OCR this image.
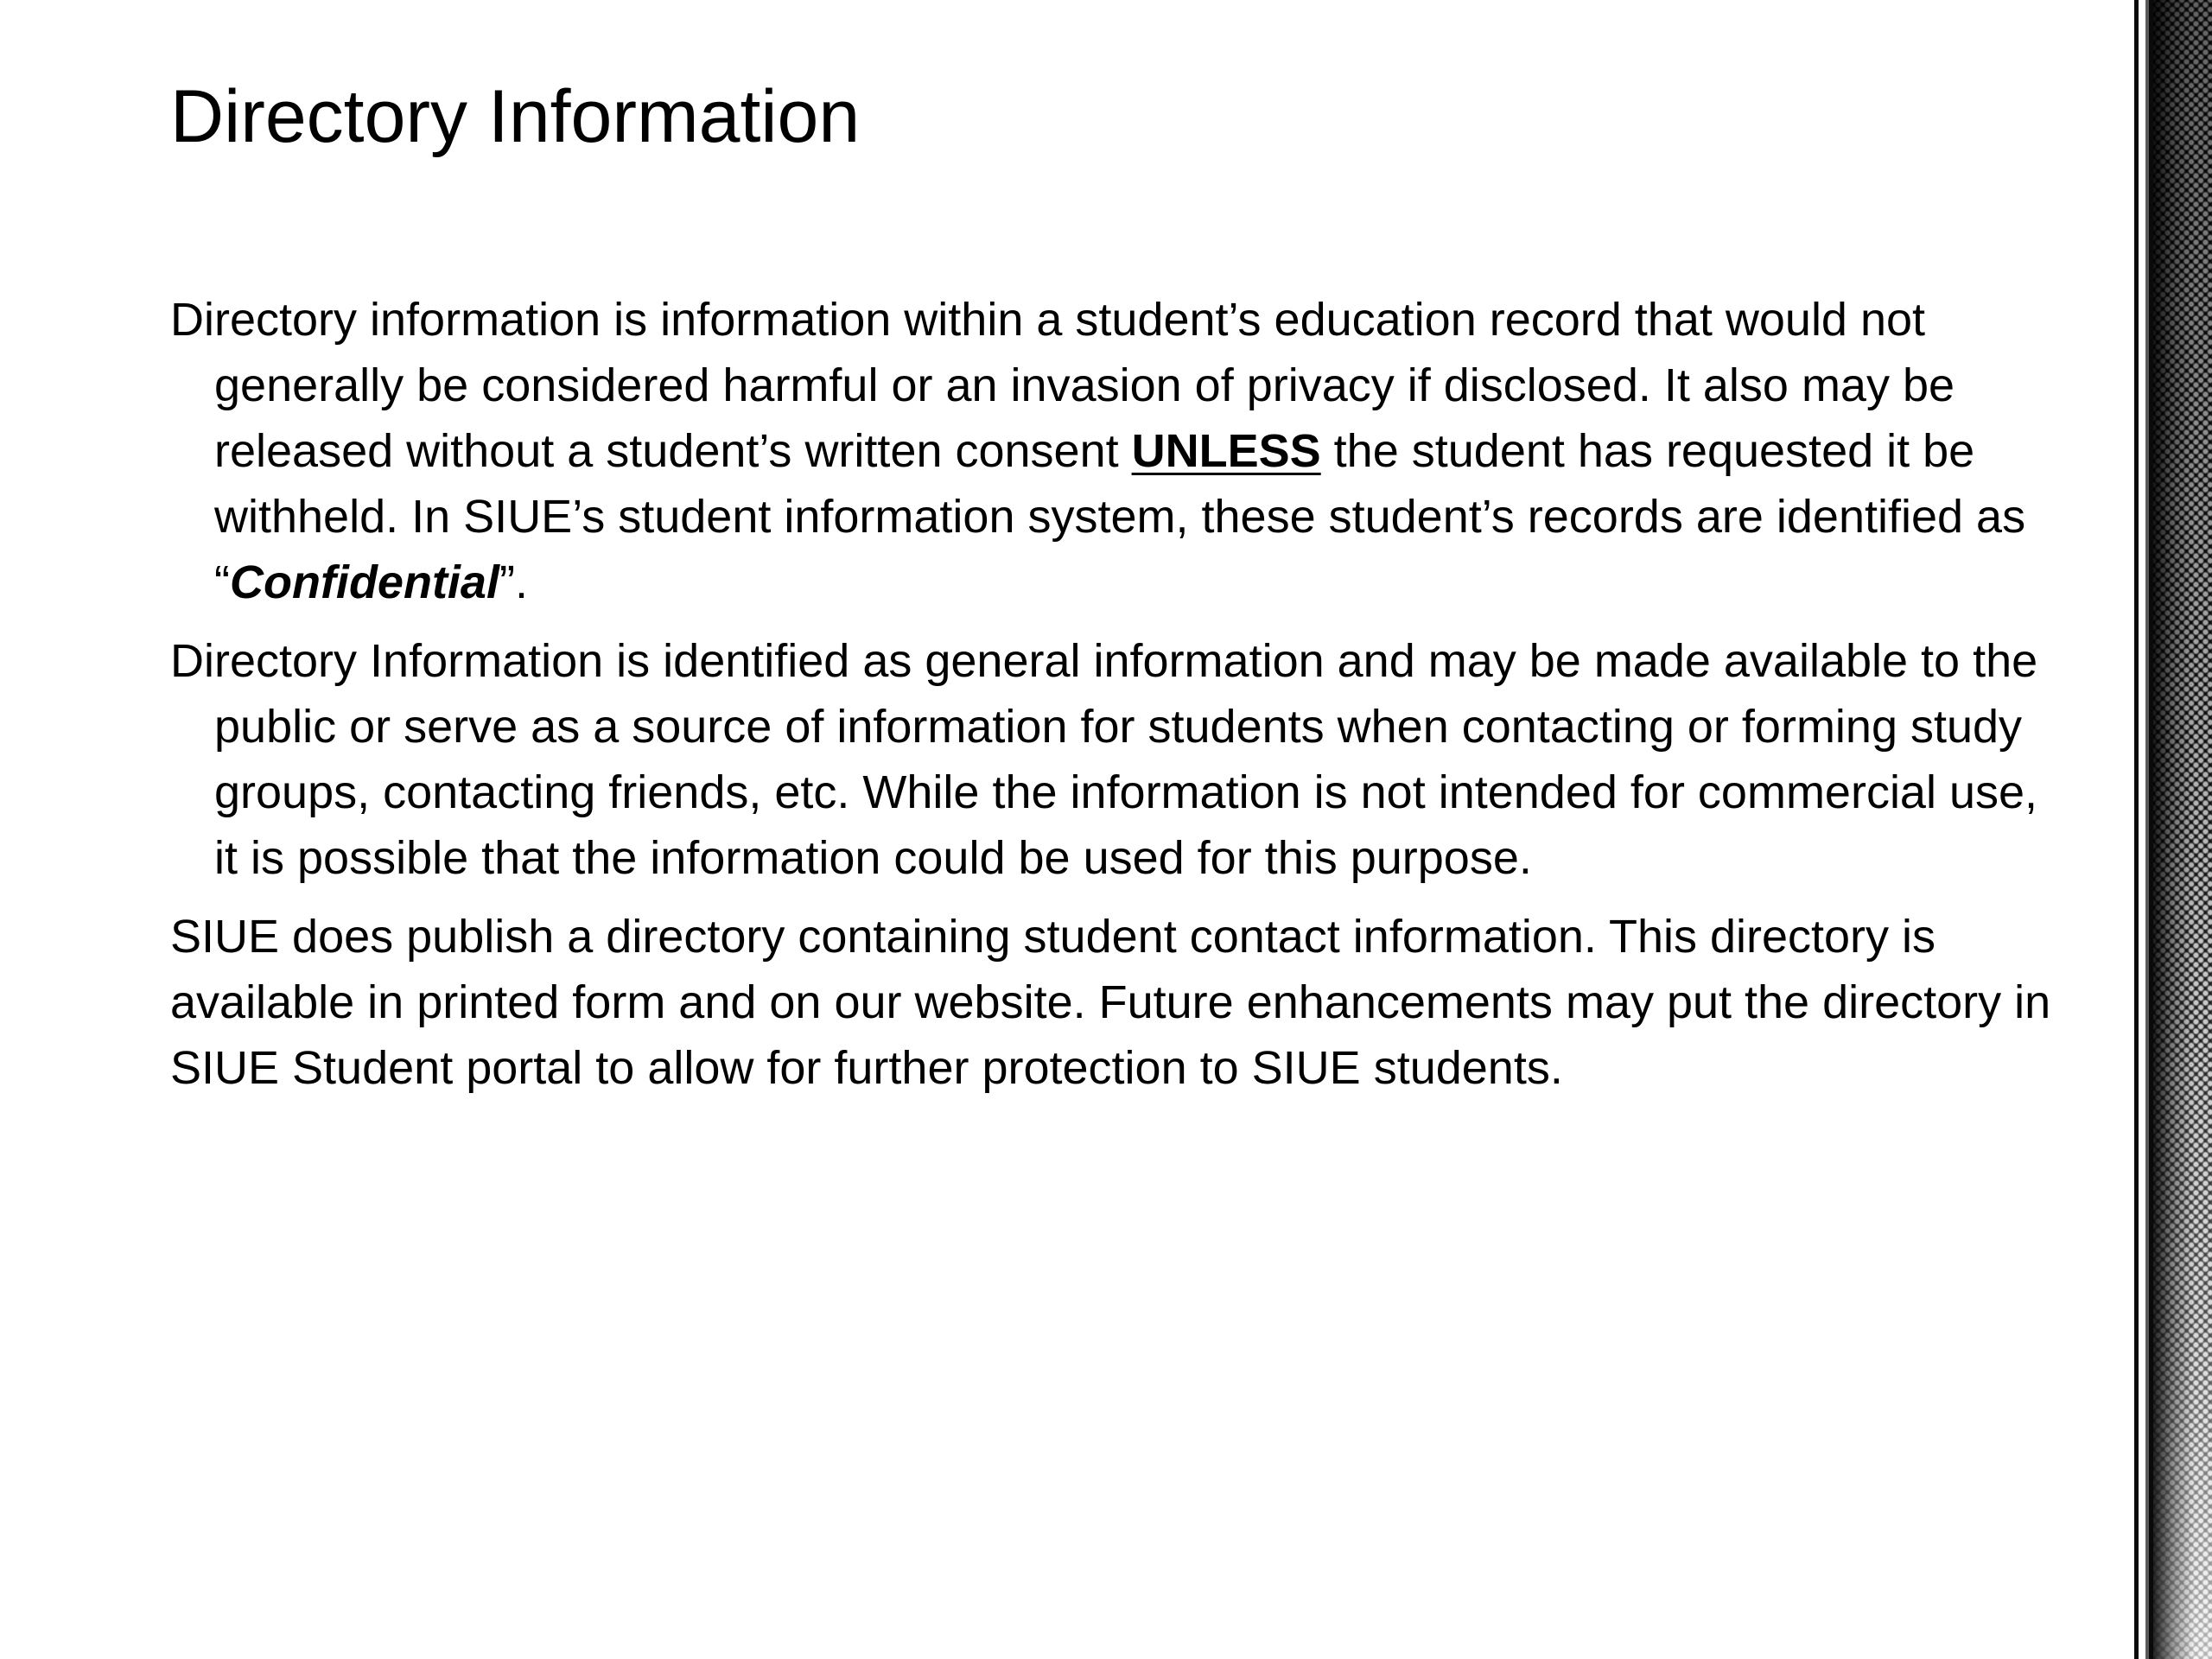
Directory Information

Directory information is information within a student’s education record that would not generally be considered harmful or an invasion of privacy if disclosed. It also may be released without a student’s written consent UNLESS the student has requested it be withheld. In SIUE’s student information system, these student’s records are identified as “Confidential”.

Directory Information is identified as general information and may be made available to the public or serve as a source of information for students when contacting or forming study groups, contacting friends, etc. While the information is not intended for commercial use, it is possible that the information could be used for this purpose.

SIUE does publish a directory containing student contact information. This directory is available in printed form and on our website. Future enhancements may put the directory in SIUE Student portal to allow for further protection to SIUE students.
